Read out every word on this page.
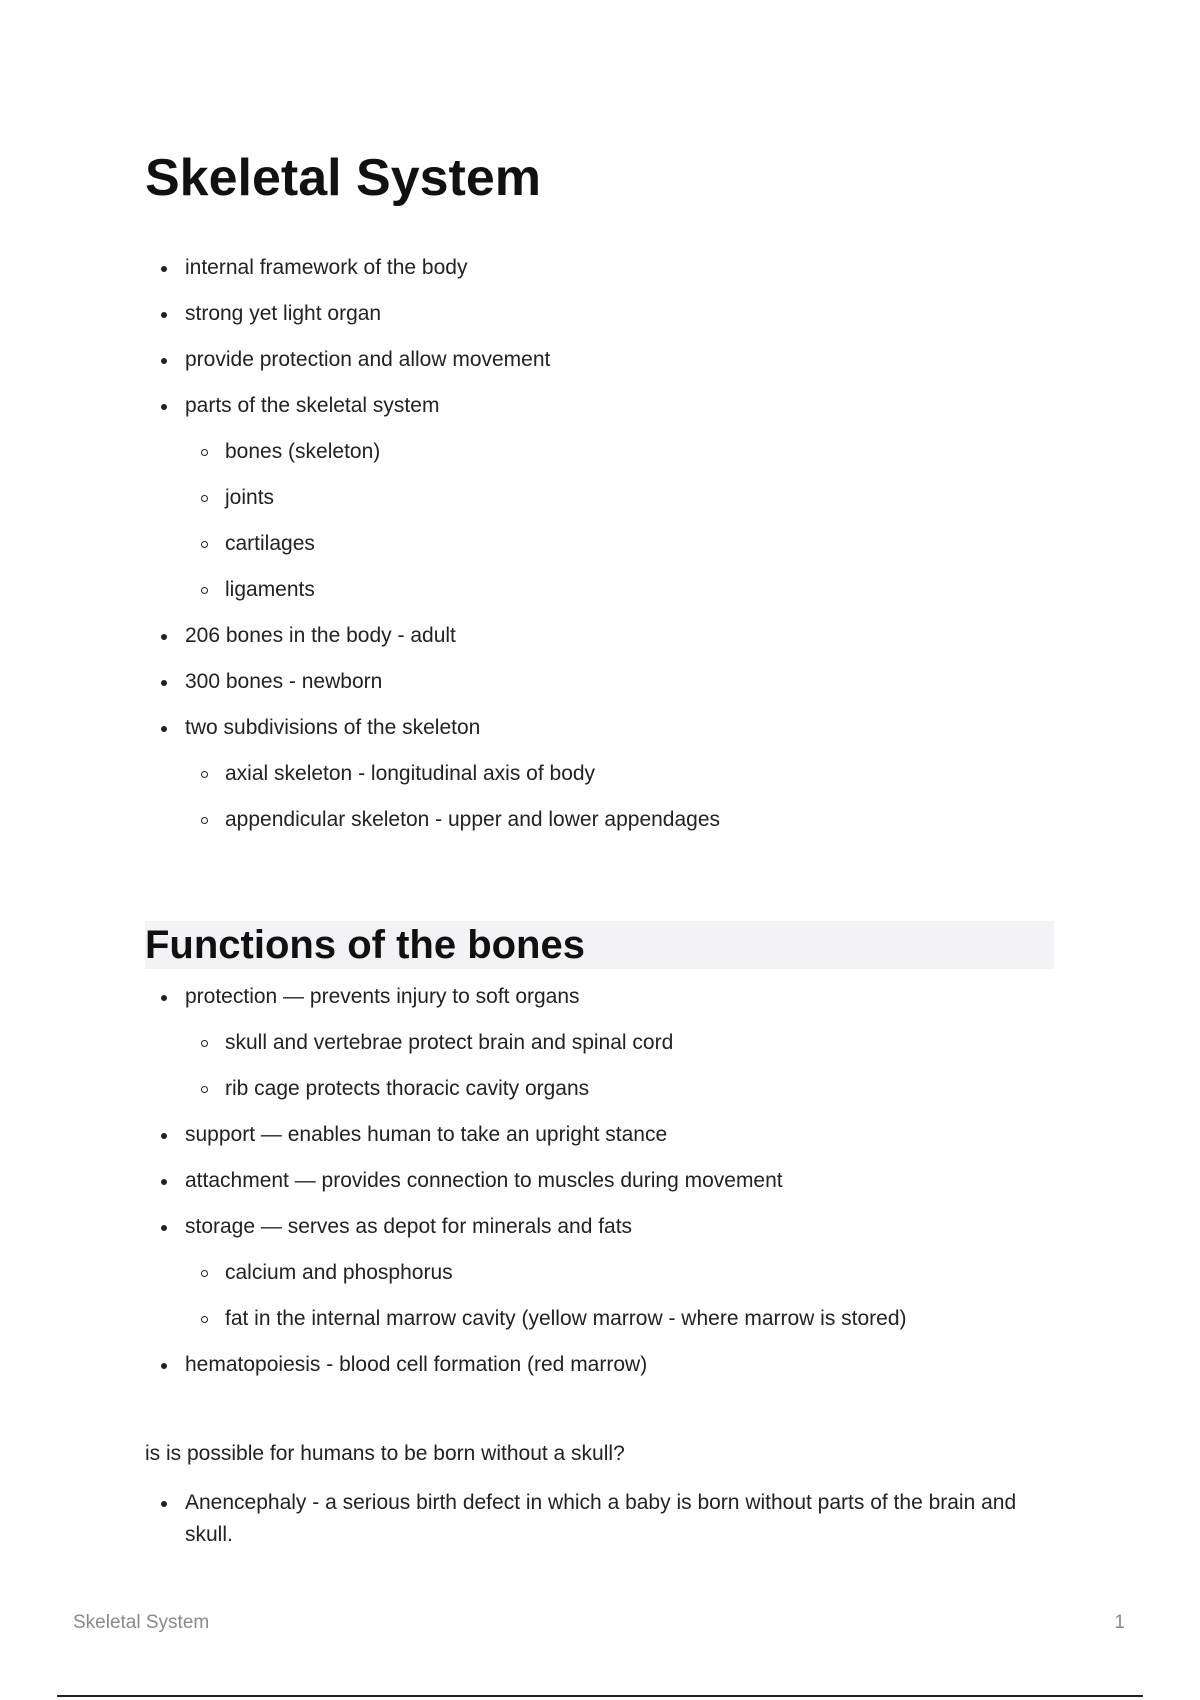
Skeletal System
internal framework of the body
strong yet light organ
provide protection and allow movement
parts of the skeletal system
bones (skeleton)
joints
cartilages
ligaments
206 bones in the body - adult
300 bones - newborn
two subdivisions of the skeleton
axial skeleton - longitudinal axis of body
appendicular skeleton - upper and lower appendages
Functions of the bones
protection — prevents injury to soft organs
skull and vertebrae protect brain and spinal cord
rib cage protects thoracic cavity organs
support — enables human to take an upright stance
attachment — provides connection to muscles during movement
storage — serves as depot for minerals and fats
calcium and phosphorus
fat in the internal marrow cavity (yellow marrow - where marrow is stored)
hematopoiesis - blood cell formation (red marrow)

is is possible for humans to be born without a skull?

Anencephaly - a serious birth defect in which a baby is born without parts of the brain and skull.
Skeletal System	1
